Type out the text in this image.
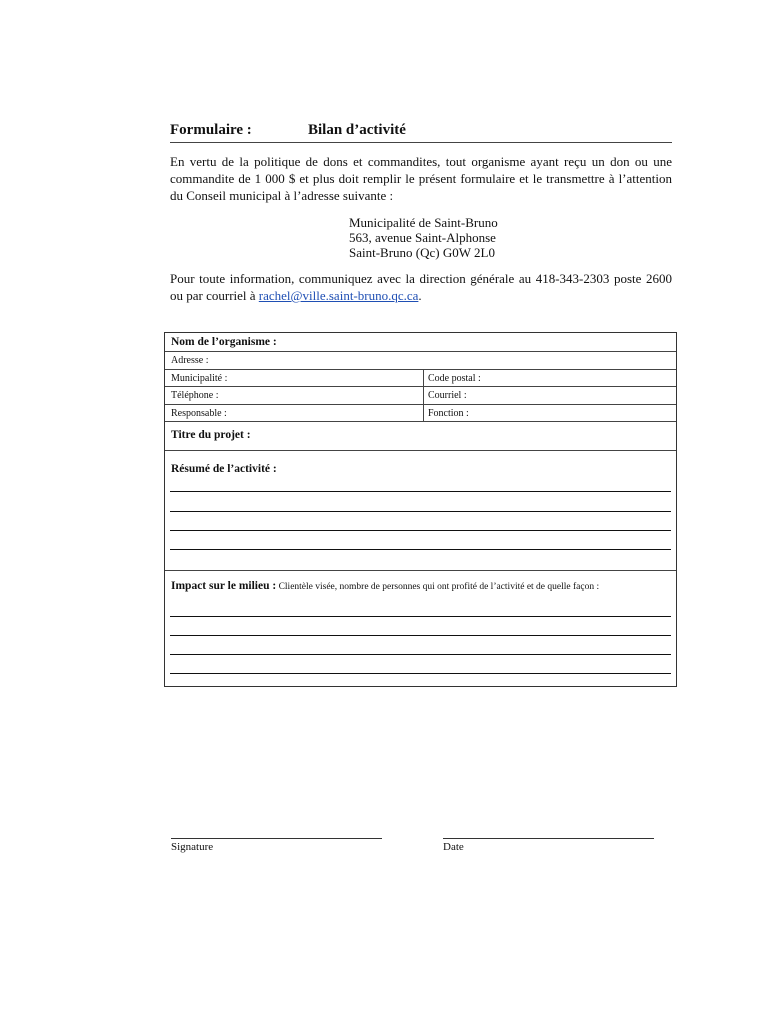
Formulaire :	Bilan d’activité

En vertu de la politique de dons et commandites, tout organisme ayant reçu un don ou une commandite de 1 000 $ et plus doit remplir le présent formulaire et le transmettre à l’attention du Conseil municipal à l’adresse suivante :

Municipalité de Saint-Bruno
563, avenue Saint-Alphonse
Saint-Bruno (Qc) G0W 2L0

Pour toute information, communiquez avec la direction générale au 418-343-2303 poste 2600 ou par courriel à rachel@ville.saint-bruno.qc.ca.

Nom de l’organisme :
Adresse :
Municipalité :	Code postal :
Téléphone :	Courriel :
Responsable :	Fonction :
Titre du projet :
Résumé de l’activité :
Impact sur le milieu : Clientèle visée, nombre de personnes qui ont profité de l’activité et de quelle façon :
Signature	Date
